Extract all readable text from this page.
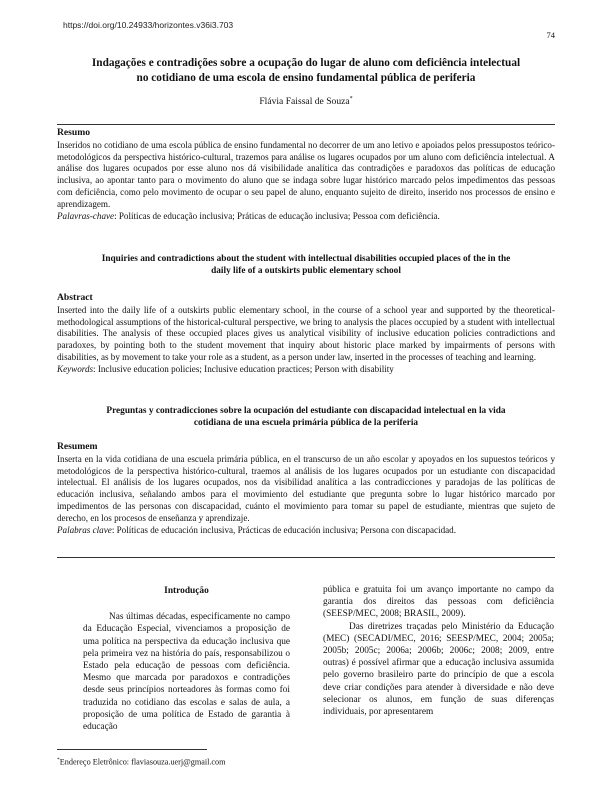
https://doi.org/10.24933/horizontes.v36i3.703
74
Indagações e contradições sobre a ocupação do lugar de aluno com deficiência intelectual
no cotidiano de uma escola de ensino fundamental pública de periferia
Flávia Faissal de Souza*
Resumo

Inseridos no cotidiano de uma escola pública de ensino fundamental no decorrer de um ano letivo e apoiados pelos pressupostos teórico-metodológicos da perspectiva histórico-cultural, trazemos para análise os lugares ocupados por um aluno com deficiência intelectual. A análise dos lugares ocupados por esse aluno nos dá visibilidade analítica das contradições e paradoxos das políticas de educação inclusiva, ao apontar tanto para o movimento do aluno que se indaga sobre lugar histórico marcado pelos impedimentos das pessoas com deficiência, como pelo movimento de ocupar o seu papel de aluno, enquanto sujeito de direito, inserido nos processos de ensino e aprendizagem.

Palavras-chave: Políticas de educação inclusiva; Práticas de educação inclusiva; Pessoa com deficiência.

Inquiries and contradictions about the student with intellectual disabilities occupied places of the in the
daily life of a outskirts public elementary school
Abstract

Inserted into the daily life of a outskirts public elementary school, in the course of a school year and supported by the theoretical-methodological assumptions of the historical-cultural perspective, we bring to analysis the places occupied by a student with intellectual disabilities. The analysis of these occupied places gives us analytical visibility of inclusive education policies contradictions and paradoxes, by pointing both to the student movement that inquiry about historic place marked by impairments of persons with disabilities, as by movement to take your role as a student, as a person under law, inserted in the processes of teaching and learning.

Keywords: Inclusive education policies; Inclusive education practices; Person with disability

Preguntas y contradicciones sobre la ocupación del estudiante con discapacidad intelectual en la vida
cotidiana de una escuela primária pública de la periferia
Resumem

Inserta en la vida cotidiana de una escuela primária pública, en el transcurso de un año escolar y apoyados en los supuestos teóricos y metodológicos de la perspectiva histórico-cultural, traemos al análisis de los lugares ocupados por un estudiante con discapacidad intelectual. El análisis de los lugares ocupados, nos da visibilidad analítica a las contradicciones y paradojas de las políticas de educación inclusiva, señalando ambos para el movimiento del estudiante que pregunta sobre lo lugar histórico marcado por impedimentos de las personas con discapacidad, cuánto el movimiento para tomar su papel de estudiante, mientras que sujeto de derecho, en los procesos de enseñanza y aprendizaje.

Palabras clave: Políticas de educación inclusiva, Prácticas de educación inclusiva; Persona con discapacidad.

Introdução

Nas últimas décadas, especificamente no campo da Educação Especial, vivenciamos a proposição de uma política na perspectiva da educação inclusiva que pela primeira vez na história do país, responsabilizou o Estado pela educação de pessoas com deficiência. Mesmo que marcada por paradoxos e contradições desde seus princípios norteadores às formas como foi traduzida no cotidiano das escolas e salas de aula, a proposição de uma política de Estado de garantia à educação

pública e gratuita foi um avanço importante no campo da garantia dos direitos das pessoas com deficiência (SEESP/MEC, 2008; BRASIL, 2009).

Das diretrizes traçadas pelo Ministério da Educação (MEC) (SECADI/MEC, 2016; SEESP/MEC, 2004; 2005a; 2005b; 2005c; 2006a; 2006b; 2006c; 2008; 2009, entre outras) é possível afirmar que a educação inclusiva assumida pelo governo brasileiro parte do princípio de que a escola deve criar condições para atender à diversidade e não deve selecionar os alunos, em função de suas diferenças individuais, por apresentarem

*Endereço Eletrônico: flaviasouza.uerj@gmail.com
